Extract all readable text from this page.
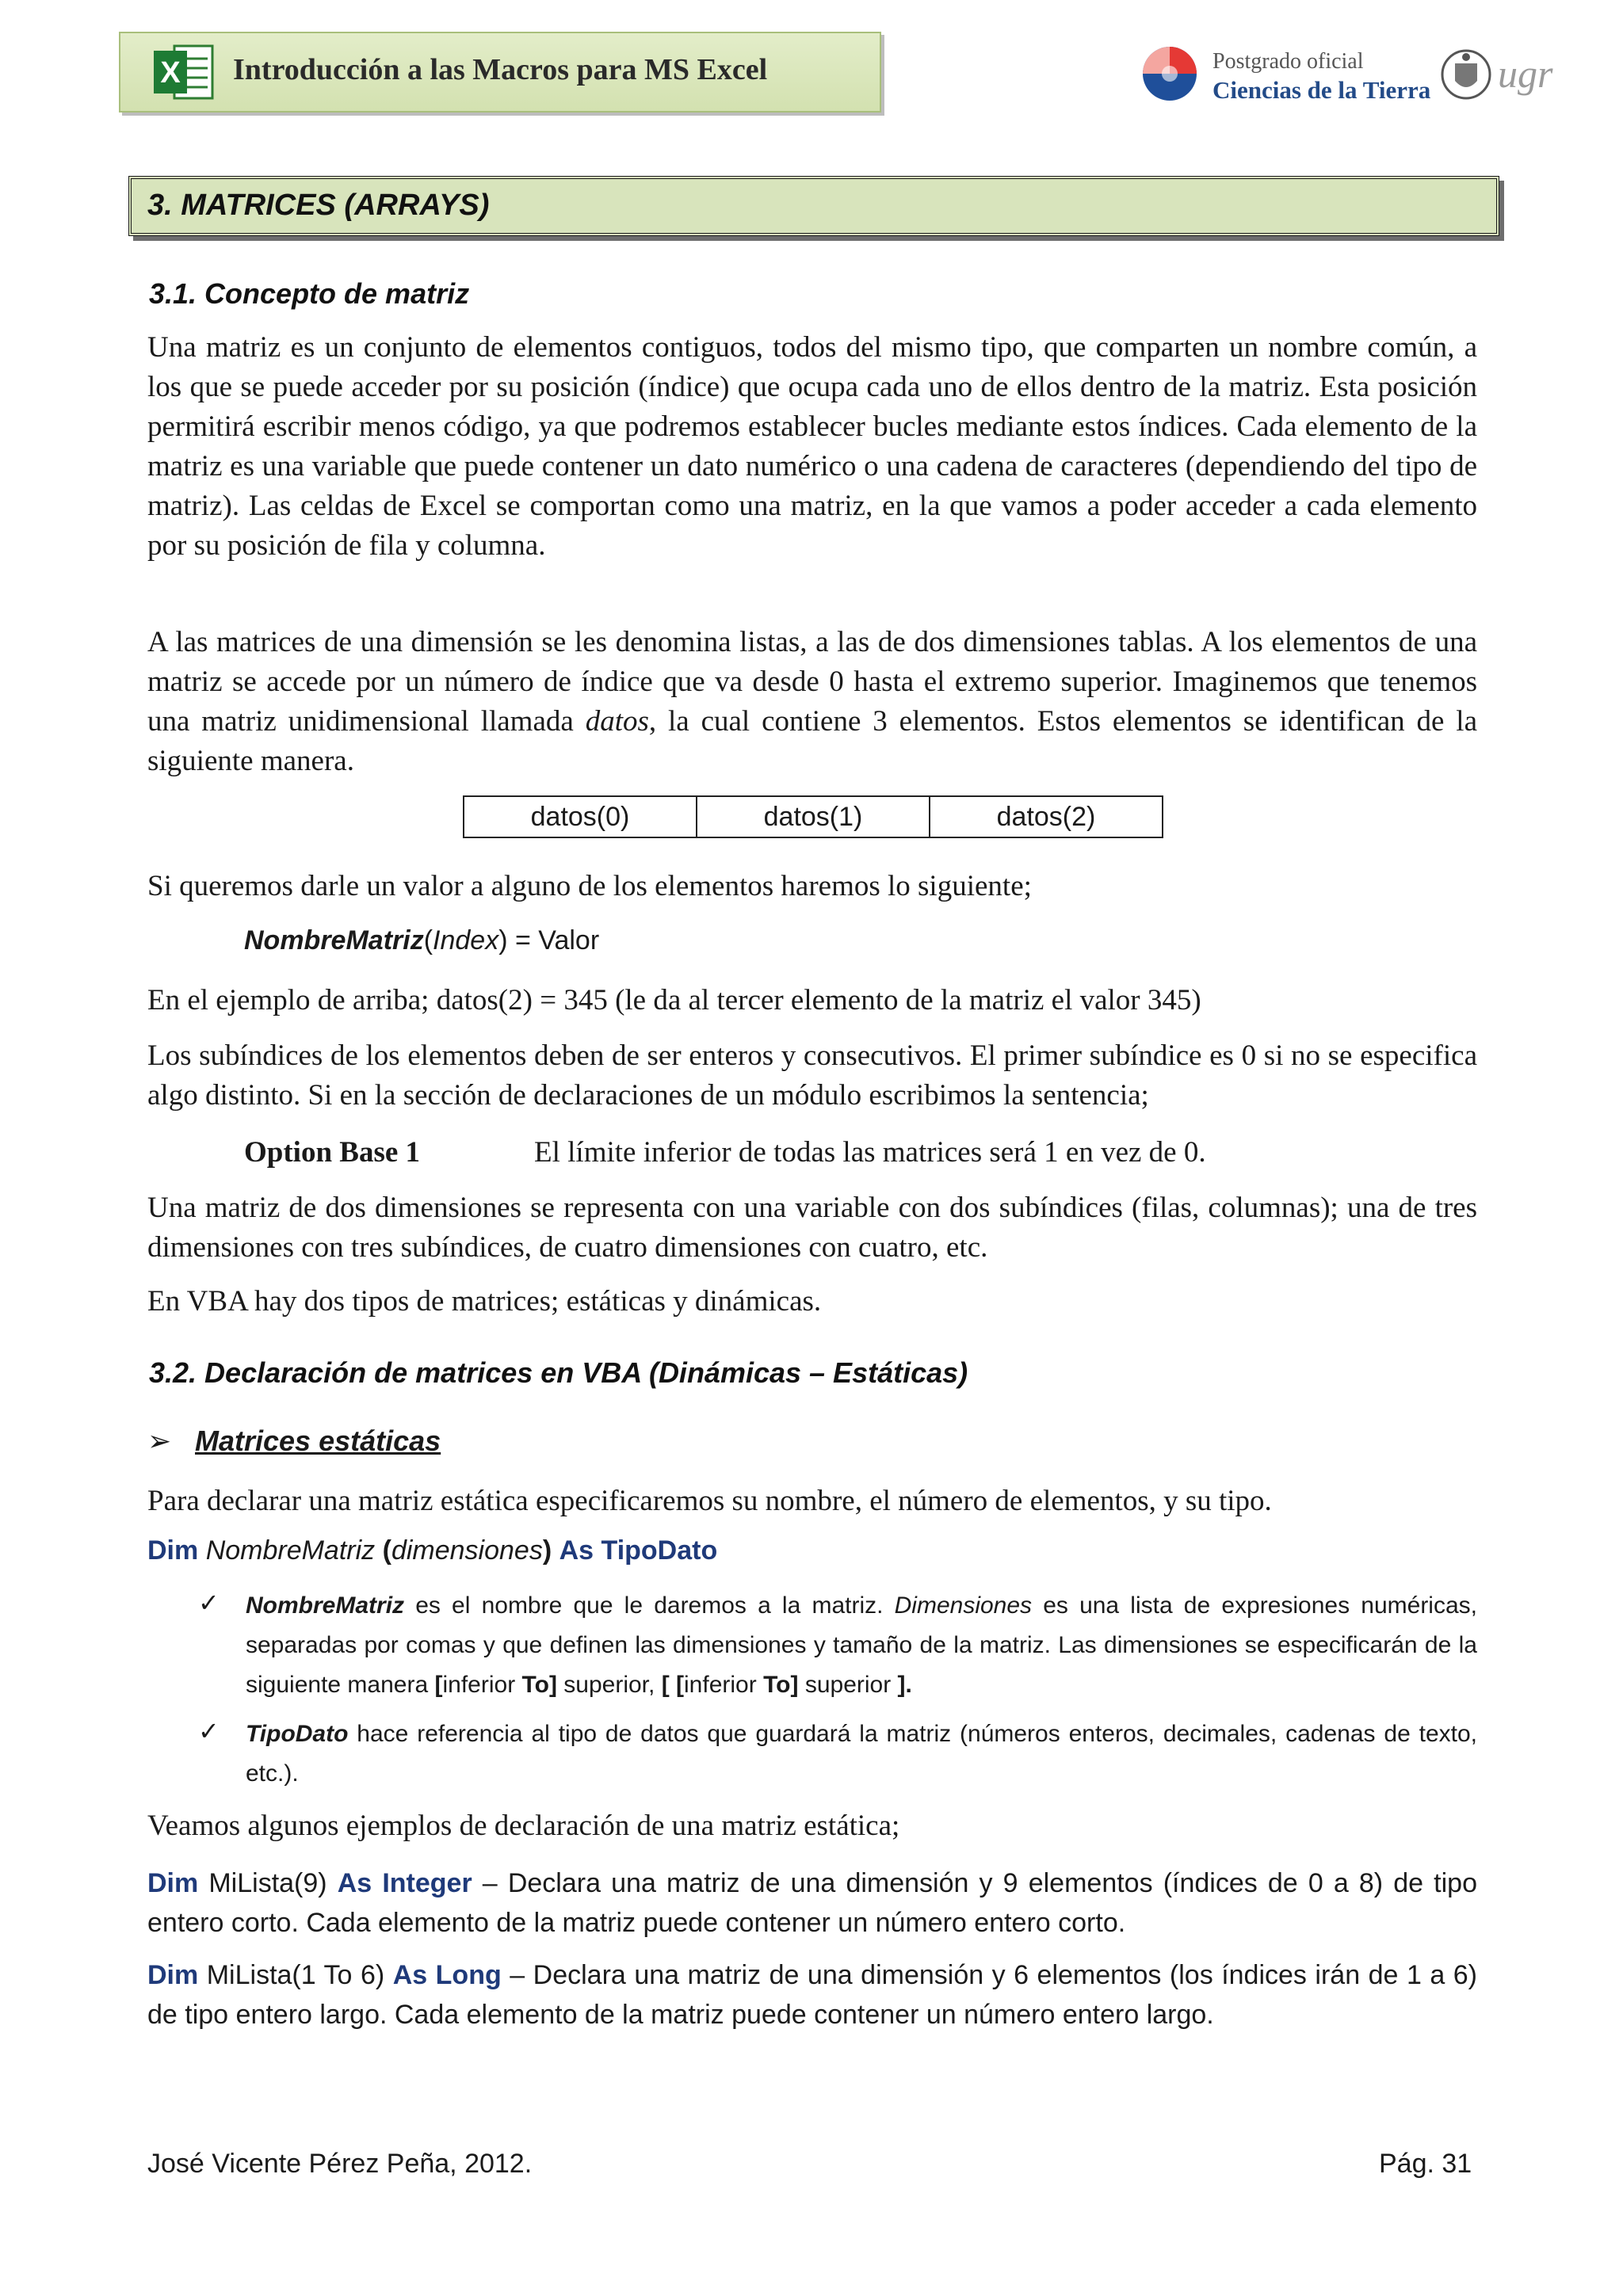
X Introducción a las Macros para MS Excel	Postgrado oficial
Ciencias de la Tierra ugr
3. MATRICES (ARRAYS)
3.1. Concepto de matriz
Una matriz es un conjunto de elementos contiguos, todos del mismo tipo, que comparten un nombre común, a los que se puede acceder por su posición (índice) que ocupa cada uno de ellos dentro de la matriz. Esta posición permitirá escribir menos código, ya que podremos establecer bucles mediante estos índices. Cada elemento de la matriz es una variable que puede contener un dato numérico o una cadena de caracteres (dependiendo del tipo de matriz). Las celdas de Excel se comportan como una matriz, en la que vamos a poder acceder a cada elemento por su posición de fila y columna.
A las matrices de una dimensión se les denomina listas, a las de dos dimensiones tablas. A los elementos de una matriz se accede por un número de índice que va desde 0 hasta el extremo superior. Imaginemos que tenemos una matriz unidimensional llamada datos, la cual contiene 3 elementos. Estos elementos se identifican de la siguiente manera.
datos(0)	datos(1)	datos(2)
Si queremos darle un valor a alguno de los elementos haremos lo siguiente;
NombreMatriz(Index) = Valor
En el ejemplo de arriba; datos(2) = 345 (le da al tercer elemento de la matriz el valor 345)
Los subíndices de los elementos deben de ser enteros y consecutivos. El primer subíndice es 0 si no se especifica algo distinto. Si en la sección de declaraciones de un módulo escribimos la sentencia;
Option Base 1	El límite inferior de todas las matrices será 1 en vez de 0.
Una matriz de dos dimensiones se representa con una variable con dos subíndices (filas, columnas); una de tres dimensiones con tres subíndices, de cuatro dimensiones con cuatro, etc.
En VBA hay dos tipos de matrices; estáticas y dinámicas.
3.2. Declaración de matrices en VBA (Dinámicas – Estáticas)
➢ Matrices estáticas
Para declarar una matriz estática especificaremos su nombre, el número de elementos, y su tipo.
Dim NombreMatriz (dimensiones) As TipoDato
✓ NombreMatriz es el nombre que le daremos a la matriz. Dimensiones es una lista de expresiones numéricas, separadas por comas y que definen las dimensiones y tamaño de la matriz. Las dimensiones se especificarán de la siguiente manera [inferior To] superior, [ [inferior To] superior ].
✓ TipoDato hace referencia al tipo de datos que guardará la matriz (números enteros, decimales, cadenas de texto, etc.).
Veamos algunos ejemplos de declaración de una matriz estática;
Dim MiLista(9) As Integer – Declara una matriz de una dimensión y 9 elementos (índices de 0 a 8) de tipo entero corto. Cada elemento de la matriz puede contener un número entero corto.
Dim MiLista(1 To 6) As Long – Declara una matriz de una dimensión y 6 elementos (los índices irán de 1 a 6) de tipo entero largo. Cada elemento de la matriz puede contener un número entero largo.
José Vicente Pérez Peña, 2012.	Pág. 31
